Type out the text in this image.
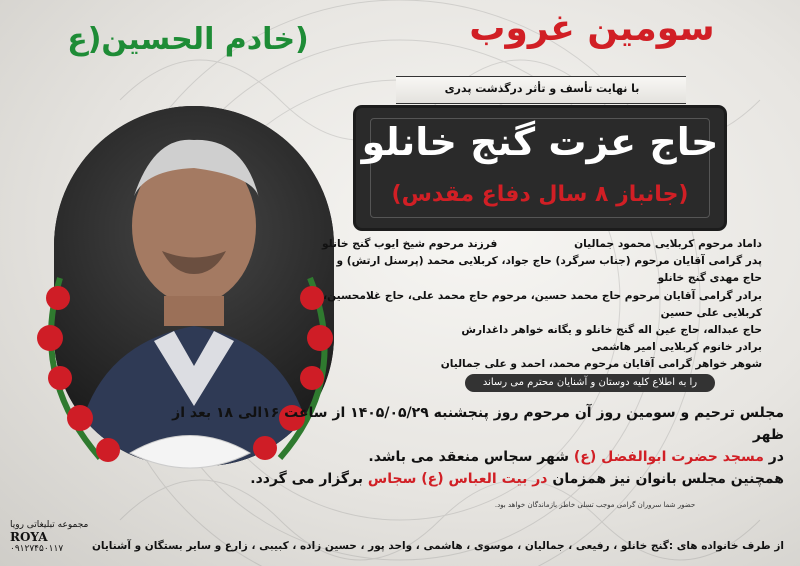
سومین غروب
(خادم الحسین(ع
با نهایت تأسف و تأثر درگذشت پدری
حاج عزت گنج خانلو
(جانباز ۸ سال دفاع مقدس)
فرزند مرحوم شیخ ایوب گنج خانلو	داماد مرحوم کربلایی محمود جمالیان
پدر گرامی آقایان مرحوم (جناب سرگرد) حاج جواد، کربلایی محمد (پرسنل ارتش) و حاج مهدی گنج خانلو
برادر گرامی آقایان مرحوم حاج محمد حسین، مرحوم حاج محمد علی، حاج غلامحسین، کربلایی علی حسین
حاج عبداله، حاج عین اله گنج خانلو و یگانه خواهر داغدارش
برادر خانوم کربلایی امیر هاشمی
شوهر خواهر گرامی آقایان مرحوم محمد، احمد و علی جمالیان
را به اطلاع کلیه دوستان و آشنایان محترم می رساند
مجلس ترحیم و سومین روز آن مرحوم روز پنجشنبه ۱۴۰۵/۰۵/۲۹ از ساعت ۱۶الی ۱۸ بعد از ظهر
در مسجد حضرت ابوالفضل (ع) شهر سجاس منعقد می باشد.
همچنین مجلس بانوان نیز همزمان در بیت العباس (ع) سجاس برگزار می گردد.
حضور شما سروران گرامی موجب تسلی خاطر بازماندگان خواهد بود.
مجموعه تبلیغاتی رویا
ROYA
۰۹۱۲۷۴۵۰۱۱۷	از طرف خانواده های :گنج خانلو ، رفیعی ، جمالیان ، موسوی ، هاشمی ، واحد پور ، حسین زاده ، کبیبی ، زارع و سایر بستگان و آشنایان
